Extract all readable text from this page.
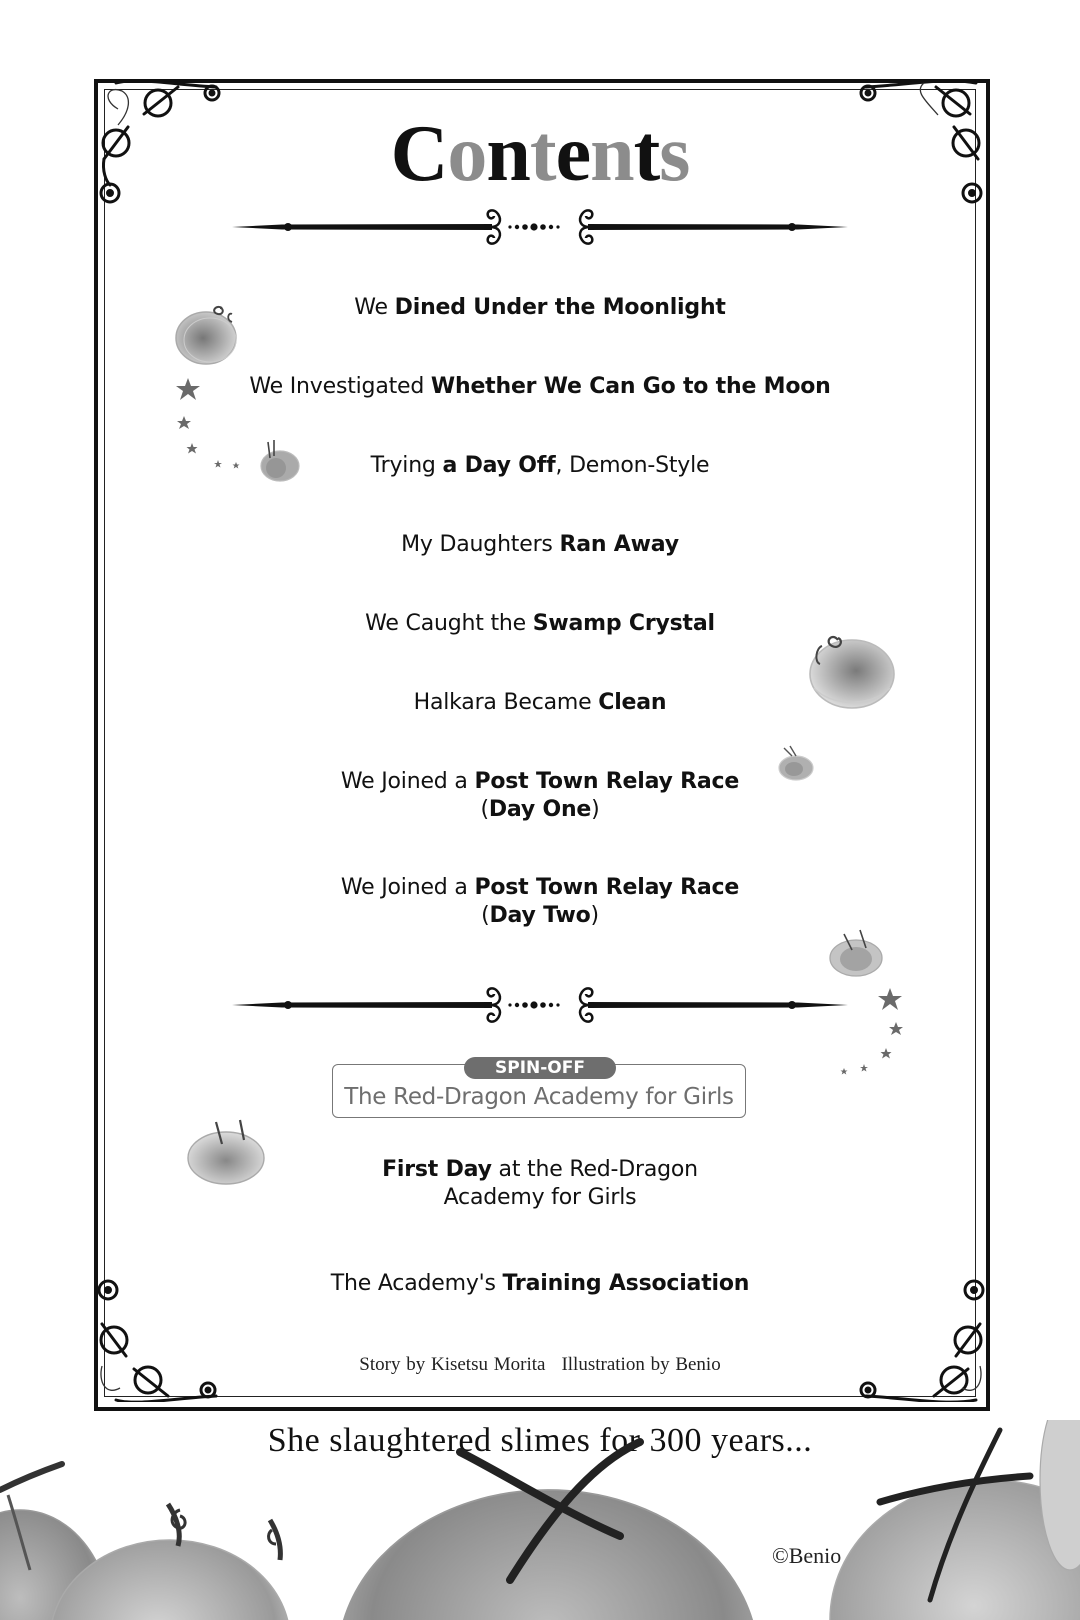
Contents
We Dined Under the Moonlight
We Investigated Whether We Can Go to the Moon
Trying a Day Off, Demon-Style
My Daughters Ran Away
We Caught the Swamp Crystal
Halkara Became Clean
We Joined a Post Town Relay Race
(Day One)
We Joined a Post Town Relay Race
(Day Two)
SPIN-OFF
The Red-Dragon Academy for Girls
First Day at the Red-Dragon
Academy for Girls
The Academy's Training Association
Story by Kisetsu Morita Illustration by Benio
She slaughtered slimes for 300 years...
©Benio
